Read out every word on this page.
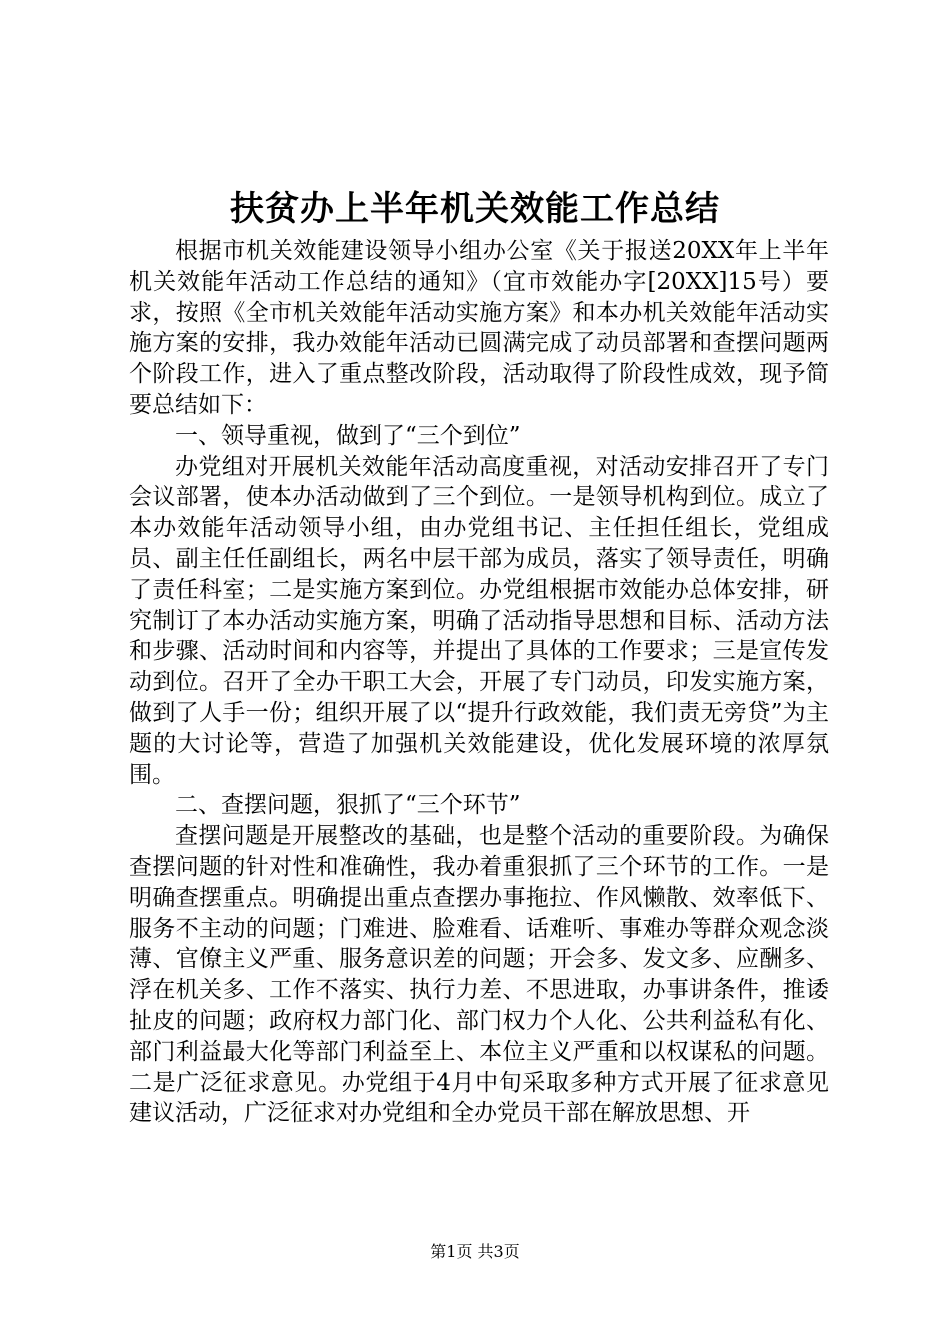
扶贫办上半年机关效能工作总结

根据市机关效能建设领导小组办公室《关于报送20XX年上半年机关效能年活动工作总结的通知》（宜市效能办字[20XX]15号）要求，按照《全市机关效能年活动实施方案》和本办机关效能年活动实施方案的安排，我办效能年活动已圆满完成了动员部署和查摆问题两个阶段工作，进入了重点整改阶段，活动取得了阶段性成效，现予简要总结如下：

一、领导重视，做到了“三个到位”

办党组对开展机关效能年活动高度重视，对活动安排召开了专门会议部署，使本办活动做到了三个到位。一是领导机构到位。成立了本办效能年活动领导小组，由办党组书记、主任担任组长，党组成员、副主任任副组长，两名中层干部为成员，落实了领导责任，明确了责任科室；二是实施方案到位。办党组根据市效能办总体安排，研究制订了本办活动实施方案，明确了活动指导思想和目标、活动方法和步骤、活动时间和内容等，并提出了具体的工作要求；三是宣传发动到位。召开了全办干职工大会，开展了专门动员，印发实施方案，做到了人手一份；组织开展了以“提升行政效能，我们责无旁贷”为主题的大讨论等，营造了加强机关效能建设，优化发展环境的浓厚氛围。

二、查摆问题，狠抓了“三个环节”

查摆问题是开展整改的基础，也是整个活动的重要阶段。为确保查摆问题的针对性和准确性，我办着重狠抓了三个环节的工作。一是明确查摆重点。明确提出重点查摆办事拖拉、作风懒散、效率低下、服务不主动的问题；门难进、脸难看、话难听、事难办等群众观念淡薄、官僚主义严重、服务意识差的问题；开会多、发文多、应酬多、浮在机关多、工作不落实、执行力差、不思进取，办事讲条件，推诿扯皮的问题；政府权力部门化、部门权力个人化、公共利益私有化、部门利益最大化等部门利益至上、本位主义严重和以权谋私的问题。二是广泛征求意见。办党组于4月中旬采取多种方式开展了征求意见建议活动，广泛征求对办党组和全办党员干部在解放思想、开

第1页 共3页
